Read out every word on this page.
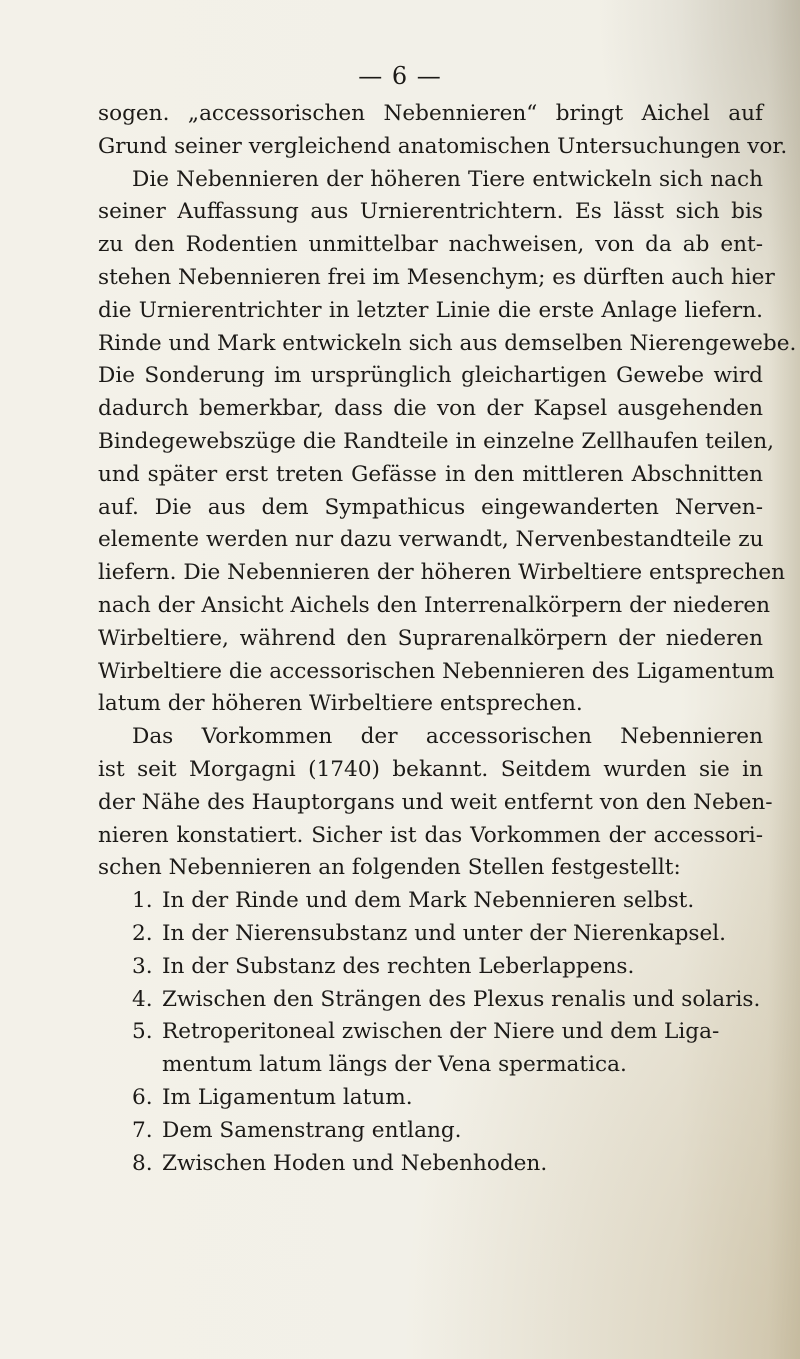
— 6 —
sogen. „accessorischen Nebennieren“ bringt Aichel auf
Grund seiner vergleichend anatomischen Untersuchungen vor.
Die Nebennieren der höheren Tiere entwickeln sich nach
seiner Auffassung aus Urnierentrichtern. Es lässt sich bis
zu den Rodentien unmittelbar nachweisen, von da ab ent-
stehen Nebennieren frei im Mesenchym; es dürften auch hier
die Urnierentrichter in letzter Linie die erste Anlage liefern.
Rinde und Mark entwickeln sich aus demselben Nierengewebe.
Die Sonderung im ursprünglich gleichartigen Gewebe wird
dadurch bemerkbar, dass die von der Kapsel ausgehenden
Bindegewebszüge die Randteile in einzelne Zellhaufen teilen,
und später erst treten Gefässe in den mittleren Abschnitten
auf. Die aus dem Sympathicus eingewanderten Nerven-
elemente werden nur dazu verwandt, Nervenbestandteile zu
liefern. Die Nebennieren der höheren Wirbeltiere entsprechen
nach der Ansicht Aichels den Interrenalkörpern der niederen
Wirbeltiere, während den Suprarenalkörpern der niederen
Wirbeltiere die accessorischen Nebennieren des Ligamentum
latum der höheren Wirbeltiere entsprechen.
Das Vorkommen der accessorischen Nebennieren
ist seit Morgagni (1740) bekannt. Seitdem wurden sie in
der Nähe des Hauptorgans und weit entfernt von den Neben-
nieren konstatiert. Sicher ist das Vorkommen der accessori-
schen Nebennieren an folgenden Stellen festgestellt:
1. In der Rinde und dem Mark Nebennieren selbst.
2. In der Nierensubstanz und unter der Nierenkapsel.
3. In der Substanz des rechten Leberlappens.
4. Zwischen den Strängen des Plexus renalis und solaris.
5. Retroperitoneal zwischen der Niere und dem Liga-
mentum latum längs der Vena spermatica.
6. Im Ligamentum latum.
7. Dem Samenstrang entlang.
8. Zwischen Hoden und Nebenhoden.
